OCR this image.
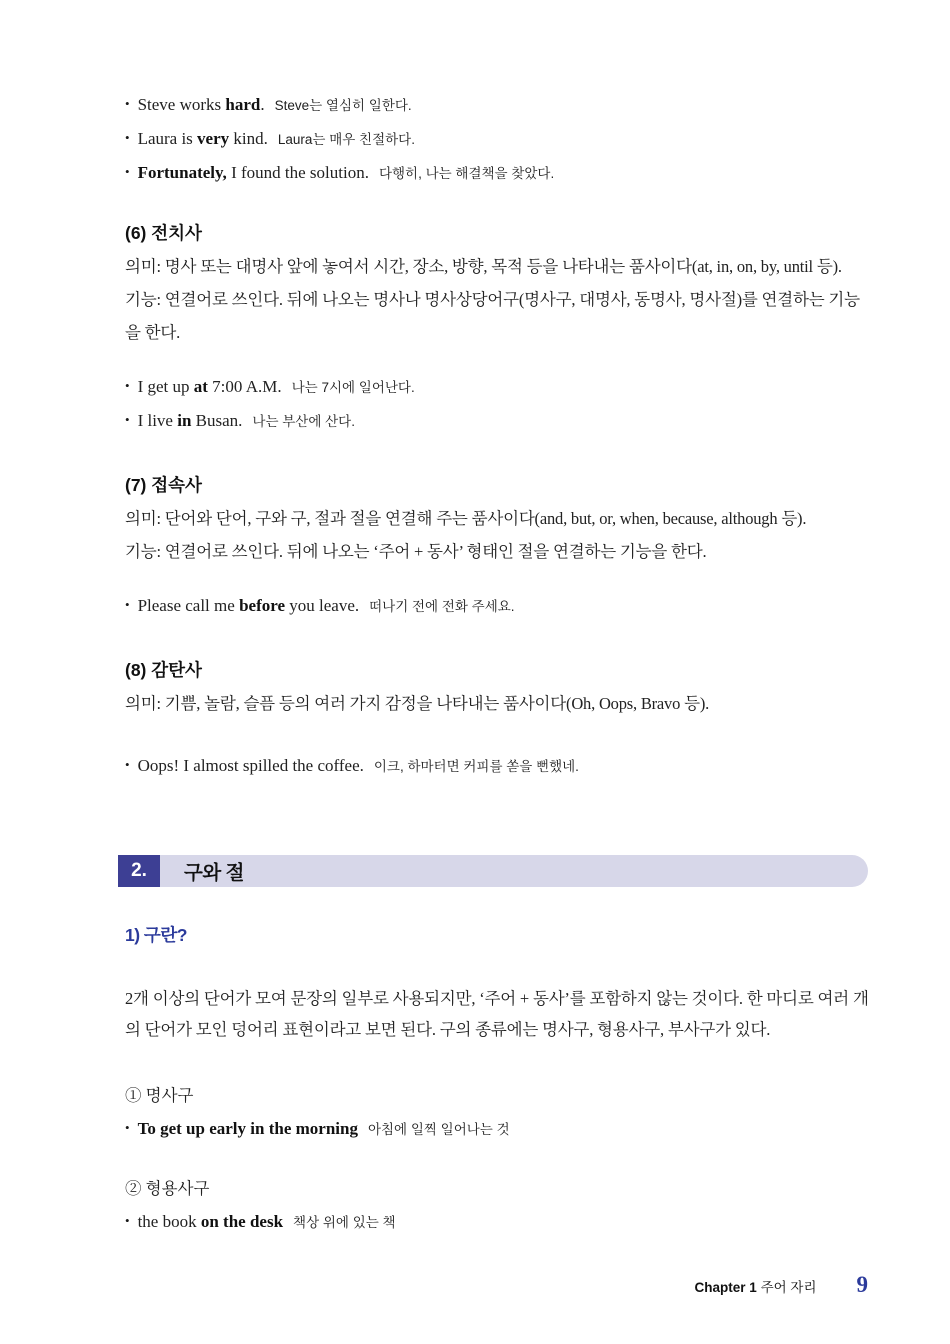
• Steve works hard. Steve는 열심히 일한다.
• Laura is very kind. Laura는 매우 친절하다.
• Fortunately, I found the solution. 다행히, 나는 해결책을 찾았다.
(6) 전치사
의미: 명사 또는 대명사 앞에 놓여서 시간, 장소, 방향, 목적 등을 나타내는 품사이다(at, in, on, by, until 등).
기능: 연결어로 쓰인다. 뒤에 나오는 명사나 명사상당어구(명사구, 대명사, 동명사, 명사절)를 연결하는 기능을 한다.
• I get up at 7:00 A.M. 나는 7시에 일어난다.
• I live in Busan. 나는 부산에 산다.
(7) 접속사
의미: 단어와 단어, 구와 구, 절과 절을 연결해 주는 품사이다(and, but, or, when, because, although 등).
기능: 연결어로 쓰인다. 뒤에 나오는 ‘주어 + 동사’ 형태인 절을 연결하는 기능을 한다.
• Please call me before you leave. 떠나기 전에 전화 주세요.
(8) 감탄사
의미: 기쁨, 놀람, 슬픔 등의 여러 가지 감정을 나타내는 품사이다(Oh, Oops, Bravo 등).
• Oops! I almost spilled the coffee. 이크, 하마터면 커피를 쏟을 뻔했네.
2.	구와 절
1) 구란?
2개 이상의 단어가 모여 문장의 일부로 사용되지만, ‘주어 + 동사’를 포함하지 않는 것이다. 한 마디로 여러 개의 단어가 모인 덩어리 표현이라고 보면 된다. 구의 종류에는 명사구, 형용사구, 부사구가 있다.
① 명사구
• To get up early in the morning 아침에 일찍 일어나는 것
② 형용사구
• the book on the desk 책상 위에 있는 책
Chapter 1 주어 자리 9
